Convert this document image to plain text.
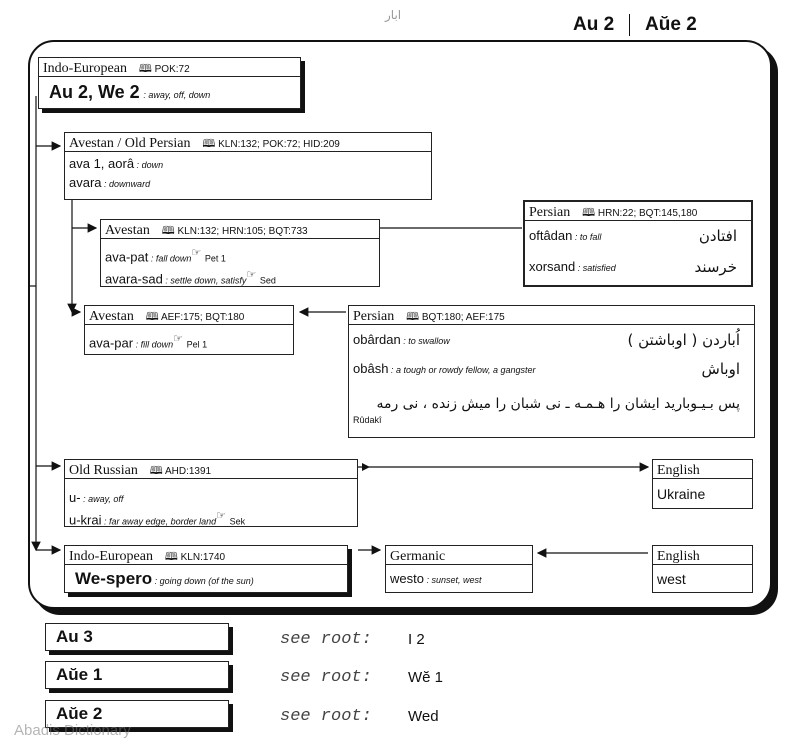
ابار	Au 2 Aŭe 2
Indo-European 🕮 POK:72
Au 2, We 2 : away, off, down
Avestan / Old Persian 🕮 KLN:132; POK:72; HID:209
ava 1, aorâ : down
avara : downward
Avestan 🕮 KLN:132; HRN:105; BQT:733
ava-pat : fall down☞ Pet 1
avara-sad : settle down, satisfy☞ Sed
Persian 🕮 HRN:22; BQT:145,180
oftâdan : to fall	افتادن
xorsand : satisfied	خرسند
Avestan 🕮 AEF:175; BQT:180
ava-par : fill down☞ Pel 1
Persian 🕮 BQT:180; AEF:175
obârdan : to swallow	اُباردن ( اوباشتن )
obâsh : a tough or rowdy fellow, a gangster	اوباش
پس بـیـوبارید ایشان را هـمـه ـ نی شبان را میش زنده ، نی رمه
Rûdakî
Old Russian 🕮 AHD:1391
u- : away, off
u-krai : far away edge, border land☞ Sek
English
Ukraine
Indo-European 🕮 KLN:1740
We-spero : going down (of the sun)
Germanic
westo : sunset, west
English
west
Au 3	see root: I 2
Aŭe 1	see root: Wĕ 1
Aŭe 2	see root: Wed
Abadis Dictionary
